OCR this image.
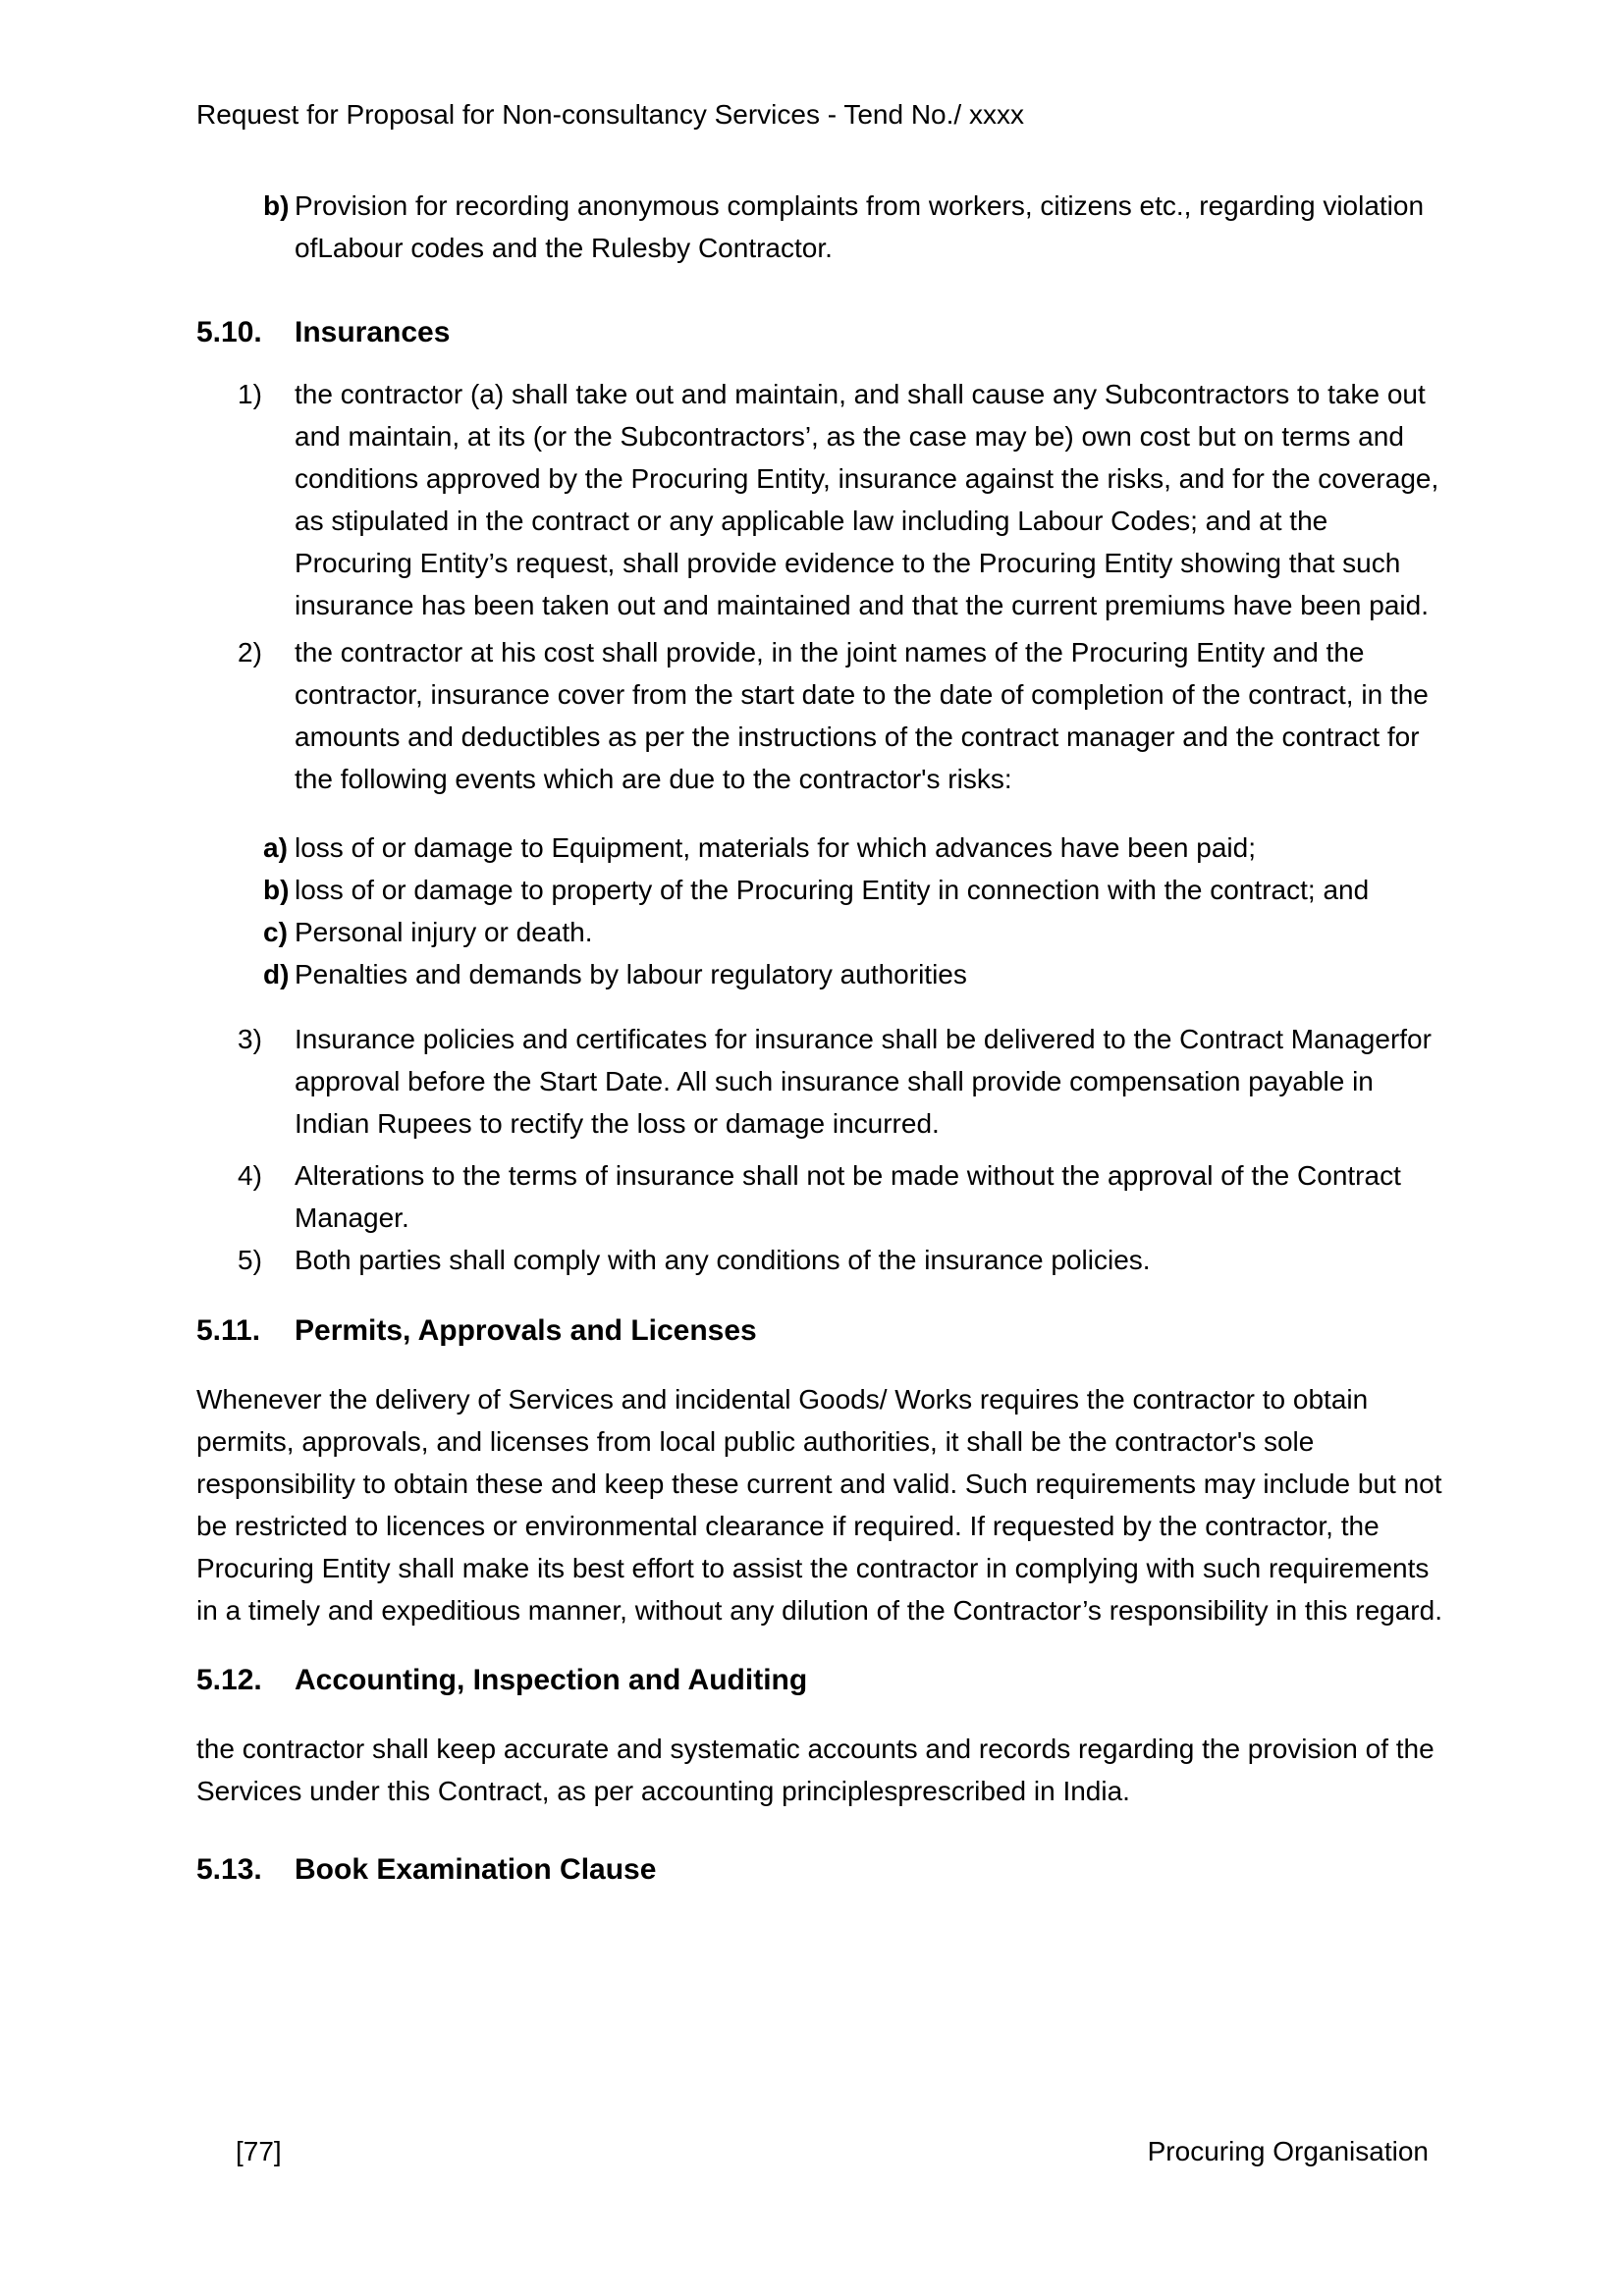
Request for Proposal for Non-consultancy Services - Tend No./ xxxx
b) Provision for recording anonymous complaints from workers, citizens etc., regarding violation ofLabour codes and the Rulesby Contractor.
5.10. Insurances
1)	the contractor (a) shall take out and maintain, and shall cause any Subcontractors to take out and maintain, at its (or the Subcontractors’, as the case may be) own cost but on terms and conditions approved by the Procuring Entity, insurance against the risks, and for the coverage, as stipulated in the contract or any applicable law including Labour Codes; and at the Procuring Entity’s request, shall provide evidence to the Procuring Entity showing that such insurance has been taken out and maintained and that the current premiums have been paid.
2)	the contractor at his cost shall provide, in the joint names of the Procuring Entity and the contractor, insurance cover from the start date to the date of completion of the contract, in the amounts and deductibles as per the instructions of the contract manager and the contract for the following events which are due to the contractor's risks:
a) loss of or damage to Equipment, materials for which advances have been paid;
b) loss of or damage to property of the Procuring Entity in connection with the contract; and
c) Personal injury or death.
d) Penalties and demands by labour regulatory authorities
3)	Insurance policies and certificates for insurance shall be delivered to the Contract Managerfor approval before the Start Date. All such insurance shall provide compensation payable in Indian Rupees to rectify the loss or damage incurred.
4)	Alterations to the terms of insurance shall not be made without the approval of the Contract Manager.
5)	Both parties shall comply with any conditions of the insurance policies.
5.11. Permits, Approvals and Licenses
Whenever the delivery of Services and incidental Goods/ Works requires the contractor to obtain permits, approvals, and licenses from local public authorities, it shall be the contractor's sole responsibility to obtain these and keep these current and valid. Such requirements may include but not be restricted to licences or environmental clearance if required. If requested by the contractor, the Procuring Entity shall make its best effort to assist the contractor in complying with such requirements in a timely and expeditious manner, without any dilution of the Contractor’s responsibility in this regard.
5.12. Accounting, Inspection and Auditing
the contractor shall keep accurate and systematic accounts and records regarding the provision of the Services under this Contract, as per accounting principlesprescribed in India.
5.13. Book Examination Clause
[77]	Procuring Organisation
